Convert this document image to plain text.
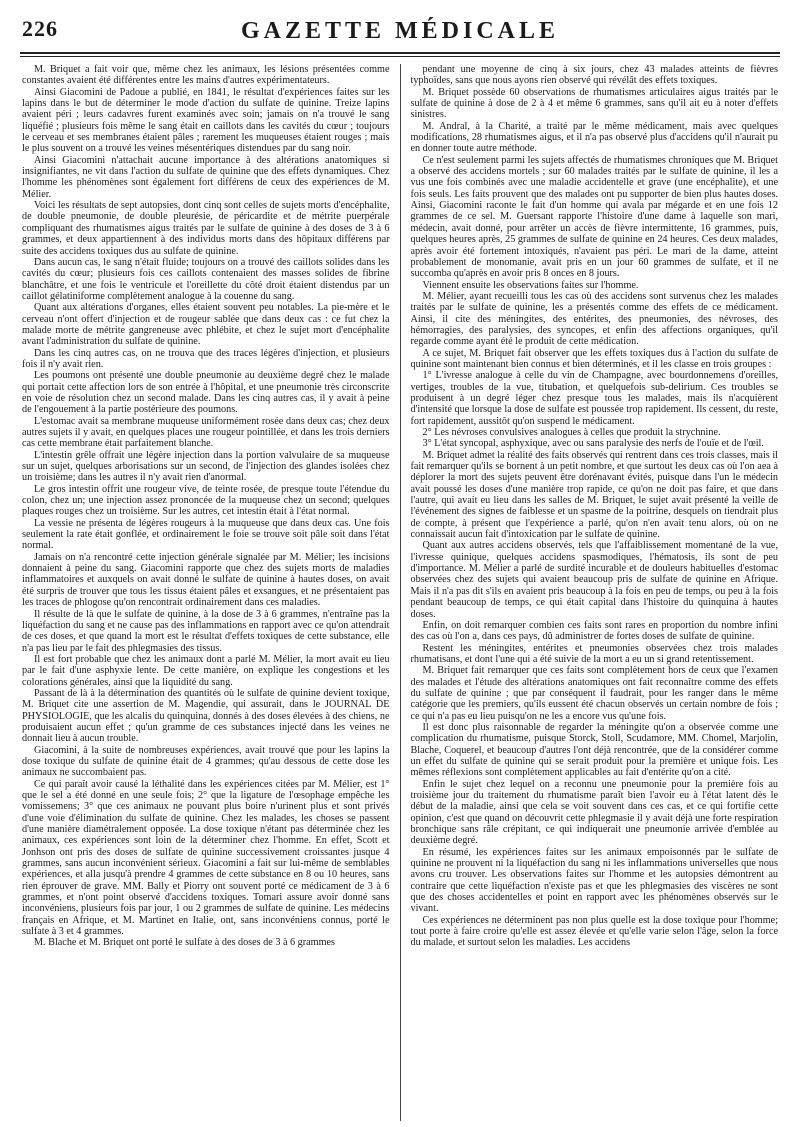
226	GAZETTE MÉDICALE

M. Briquet a fait voir que, même chez les animaux, les lésions présentées comme constantes avaient été différentes entre les mains d'autres expérimentateurs.

Ainsi Giacomini de Padoue a publié, en 1841, le résultat d'expériences faites sur les lapins dans le but de déterminer le mode d'action du sulfate de quinine. Treize lapins avaient péri ; leurs cadavres furent examinés avec soin; jamais on n'a trouvé le sang liquéfié ; plusieurs fois même le sang était en caillots dans les cavités du cœur ; toujours le cerveau et ses membranes étaient pâles ; rarement les muqueuses étaient rouges ; mais le plus souvent on a trouvé les veines mésentériques distendues par du sang noir.

Ainsi Giacomini n'attachait aucune importance à des altérations anatomiques si insignifiantes, ne vit dans l'action du sulfate de quinine que des effets dynamiques. Chez l'homme les phénomènes sont également fort différens de ceux des expériences de M. Mélier.

Voici les résultats de sept autopsies, dont cinq sont celles de sujets morts d'encéphalite, de double pneumonie, de double pleurésie, de péricardite et de métrite puerpérale compliquant des rhumatismes aigus traités par le sulfate de quinine à des doses de 3 à 6 grammes, et deux appartiennent à des individus morts dans des hôpitaux différens par suite des accidens toxiques dus au sulfate de quinine.

Dans aucun cas, le sang n'était fluide; toujours on a trouvé des caillots solides dans les cavités du cœur; plusieurs fois ces caillots contenaient des masses solides de fibrine blanchâtre, et une fois le ventricule et l'oreillette du côté droit étaient distendus par un caillot gélatiniforme complètement analogue à la couenne du sang.

Quant aux altérations d'organes, elles étaient souvent peu notables. La pie-mère et le cerveau n'ont offert d'injection et de rougeur sablée que dans deux cas : ce fut chez la malade morte de métrite gangreneuse avec phlébite, et chez le sujet mort d'encéphalite avant l'administration du sulfate de quinine.

Dans les cinq autres cas, on ne trouva que des traces légères d'injection, et plusieurs fois il n'y avait rien.

Les poumons ont présenté une double pneumonie au deuxième degré chez le malade qui portait cette affection lors de son entrée à l'hôpital, et une pneumonie très circonscrite en voie de résolution chez un second malade. Dans les cinq autres cas, il y avait à peine de l'engouement à la partie postérieure des poumons.

L'estomac avait sa membrane muqueuse uniformément rosée dans deux cas; chez deux autres sujets il y avait, en quelques places une rougeur pointillée, et dans les trois derniers cas cette membrane était parfaitement blanche.

L'intestin grêle offrait une légère injection dans la portion valvulaire de sa muqueuse sur un sujet, quelques arborisations sur un second, de l'injection des glandes isolées chez un troisième; dans les autres il n'y avait rien d'anormal.

Le gros intestin offrit une rougeur vive, de teinte rosée, de presque toute l'étendue du colon, chez un; une injection assez prononcée de la muqueuse chez un second; quelques plaques rouges chez un troisième. Sur les autres, cet intestin était à l'état normal.

La vessie ne présenta de légères rougeurs à la muqueuse que dans deux cas. Une fois seulement la rate était gonflée, et ordinairement le foie se trouve soit pâle soit dans l'état normal.

Jamais on n'a rencontré cette injection générale signalée par M. Mélier; les incisions donnaient à peine du sang. Giacomini rapporte que chez des sujets morts de maladies inflammatoires et auxquels on avait donné le sulfate de quinine à hautes doses, on avait été surpris de trouver que tous les tissus étaient pâles et exsangues, et ne présentaient pas les traces de phlogose qu'on rencontrait ordinairement dans ces maladies.

Il résulte de là que le sulfate de quinine, à la dose de 3 à 6 grammes, n'entraîne pas la liquéfaction du sang et ne cause pas des inflammations en rapport avec ce qu'on attendrait de ces doses, et que quand la mort est le résultat d'effets toxiques de cette substance, elle n'a pas lieu par le fait des phlegmasies des tissus.

Il est fort probable que chez les animaux dont a parlé M. Mélier, la mort avait eu lieu par le fait d'une asphyxie lente. De cette manière, on explique les congestions et les colorations générales, ainsi que la liquidité du sang.

Passant de là à la détermination des quantités où le sulfate de quinine devient toxique, M. Briquet cite une assertion de M. Magendie, qui assurait, dans le JOURNAL DE PHYSIOLOGIE, que les alcalis du quinquina, donnés à des doses élevées à des chiens, ne produisaient aucun effet ; qu'un gramme de ces substances injecté dans les veines ne donnait lieu à aucun trouble.

Giacomini, à la suite de nombreuses expériences, avait trouvé que pour les lapins la dose toxique du sulfate de quinine était de 4 grammes; qu'au dessous de cette dose les animaux ne succombaient pas.

Ce qui paraît avoir causé la léthalité dans les expériences citées par M. Mélier, est 1° que le sel a été donné en une seule fois; 2° que la ligature de l'œsophage empêche les vomissemens; 3° que ces animaux ne pouvant plus boire n'urinent plus et sont privés d'une voie d'élimination du sulfate de quinine. Chez les malades, les choses se passent d'une manière diamétralement opposée. La dose toxique n'étant pas déterminée chez les animaux, ces expériences sont loin de la déterminer chez l'homme. En effet, Scott et Jonhson ont pris des doses de sulfate de quinine successivement croissantes jusque 4 grammes, sans aucun inconvénient sérieux. Giacomini a fait sur lui-même de semblables expériences, et alla jusqu'à prendre 4 grammes de cette substance en 8 ou 10 heures, sans rien éprouver de grave. MM. Bally et Piorry ont souvent porté ce médicament de 3 à 6 grammes, et n'ont point observé d'accidens toxiques. Tomari assure avoir donné sans inconvéniens, plusieurs fois par jour, 1 ou 2 grammes de sulfate de quinine. Les médecins français en Afrique, et M. Martinet en Italie, ont, sans inconvéniens connus, porté le sulfate à 3 et 4 grammes.

M. Blache et M. Briquet ont porté le sulfate à des doses de 3 à 6 grammes

pendant une moyenne de cinq à six jours, chez 43 malades atteints de fièvres typhoïdes, sans que nous ayons rien observé qui révélât des effets toxiques.

M. Briquet possède 60 observations de rhumatismes articulaires aigus traités par le sulfate de quinine à dose de 2 à 4 et même 6 grammes, sans qu'il ait eu à noter d'effets sinistres.

M. Andral, à la Charité, a traité par le même médicament, mais avec quelques modifications, 28 rhumatismes aigus, et il n'a pas observé plus d'accidens qu'il n'aurait pu en donner toute autre méthode.

Ce n'est seulement parmi les sujets affectés de rhumatismes chroniques que M. Briquet a observé des accidens mortels ; sur 60 malades traités par le sulfate de quinine, il les a vus une fois combinés avec une maladie accidentelle et grave (une encéphalite), et une fois seuls. Les faits prouvent que des malades ont pu supporter de bien plus hautes doses. Ainsi, Giacomini raconte le fait d'un homme qui avala par mégarde et en une fois 12 grammes de ce sel. M. Guersant rapporte l'histoire d'une dame à laquelle son mari, médecin, avait donné, pour arrêter un accès de fièvre intermittente, 16 grammes, puis, quelques heures après, 25 grammes de sulfate de quinine en 24 heures. Ces deux malades, après avoir été fortement intoxiqués, n'avaient pas péri. Le mari de la dame, atteint probablement de monomanie, avait pris en un jour 60 grammes de sulfate, et il ne succomba qu'après en avoir pris 8 onces en 8 jours.

Viennent ensuite les observations faites sur l'homme.

M. Mélier, ayant recueilli tous les cas où des accidens sont survenus chez les malades traités par le sulfate de quinine, les a présentés comme des effets de ce médicament. Ainsi, il cite des méningites, des entérites, des pneumonies, des névroses, des hémorragies, des paralysies, des syncopes, et enfin des affections organiques, qu'il regarde comme ayant été le produit de cette médication.

A ce sujet, M. Briquet fait observer que les effets toxiques dus à l'action du sulfate de quinine sont maintenant bien connus et bien déterminés, et il les classe en trois groupes :

1° L'ivresse analogue à celle du vin de Champagne, avec bourdonnemens d'oreilles, vertiges, troubles de la vue, titubation, et quelquefois sub-delirium. Ces troubles se produisent à un degré léger chez presque tous les malades, mais ils n'acquièrent d'intensité que lorsque la dose de sulfate est poussée trop rapidement. Ils cessent, du reste, fort rapidement, aussitôt qu'on suspend le médicament.

2° Les névroses convulsives analogues à celles que produit la strychnine.

3° L'état syncopal, asphyxique, avec ou sans paralysie des nerfs de l'ouïe et de l'œil.

M. Briquet admet la réalité des faits observés qui rentrent dans ces trois classes, mais il fait remarquer qu'ils se bornent à un petit nombre, et que surtout les deux cas où l'on aea à déplorer la mort des sujets peuvent être dorénavant évités, puisque dans l'un le médecin avait poussé les doses d'une manière trop rapide, ce qu'on ne doit pas faire, et que dans l'autre, qui avait eu lieu dans les salles de M. Briquet, le sujet avait présenté la veille de l'événement des signes de faiblesse et un spasme de la poitrine, desquels on tiendrait plus de compte, à présent que l'expérience a parlé, qu'on n'en avait tenu alors, où on ne connaissait aucun fait d'intoxication par le sulfate de quinine.

Quant aux autres accidens observés, tels que l'affaiblissement momentané de la vue, l'ivresse quinique, quelques accidens spasmodiques, l'hématosis, ils sont de peu d'importance. M. Mélier a parlé de surdité incurable et de douleurs habituelles d'estomac observées chez des sujets qui avaient beaucoup pris de sulfate de quinine en Afrique. Mais il n'a pas dit s'ils en avaient pris beaucoup à la fois en peu de temps, ou peu à la fois pendant beaucoup de temps, ce qui était capital dans l'histoire du quinquina à hautes doses.

Enfin, on doit remarquer combien ces faits sont rares en proportion du nombre infini des cas où l'on a, dans ces pays, dû administrer de fortes doses de sulfate de quinine.

Restent les méningites, entérites et pneumonies observées chez trois malades rhumatisans, et dont l'une qui a été suivie de la mort a eu un si grand retentissement.

M. Briquet fait remarquer que ces faits sont complètement hors de ceux que l'examen des malades et l'étude des altérations anatomiques ont fait reconnaître comme des effets du sulfate de quinine ; que par conséquent il faudrait, pour les ranger dans le même catégorie que les premiers, qu'ils eussent été chacun observés un certain nombre de fois ; ce qui n'a pas eu lieu puisqu'on ne les a encore vus qu'une fois.

Il est donc plus raisonnable de regarder la méningite qu'on a observée comme une complication du rhumatisme, puisque Storck, Stoll, Scudamore, MM. Chomel, Marjolin, Blache, Coquerel, et beaucoup d'autres l'ont déjà rencontrée, que de la considérer comme un effet du sulfate de quinine qui se serait produit pour la première et unique fois. Les mêmes réflexions sont complètement applicables au fait d'entérite qu'on a cité.

Enfin le sujet chez lequel on a reconnu une pneumonie pour la première fois au troisième jour du traitement du rhumatisme paraît bien l'avoir eu à l'état latent dès le début de la maladie, ainsi que cela se voit souvent dans ces cas, et ce qui fortifie cette opinion, c'est que quand on découvrit cette phlegmasie il y avait déjà une forte respiration bronchique sans râle crépitant, ce qui indiquerait une pneumonie arrivée d'emblée au deuxième degré.

En résumé, les expériences faites sur les animaux empoisonnés par le sulfate de quinine ne prouvent ni la liquéfaction du sang ni les inflammations universelles que nous avons cru trouver. Les observations faites sur l'homme et les autopsies démontrent au contraire que cette liquéfaction n'existe pas et que les phlegmasies des viscères ne sont que des choses accidentelles et point en rapport avec les phénomènes observés sur le vivant.

Ces expériences ne déterminent pas non plus quelle est la dose toxique pour l'homme; tout porte à faire croire qu'elle est assez élevée et qu'elle varie selon l'âge, selon la force du malade, et surtout selon les maladies. Les accidens
